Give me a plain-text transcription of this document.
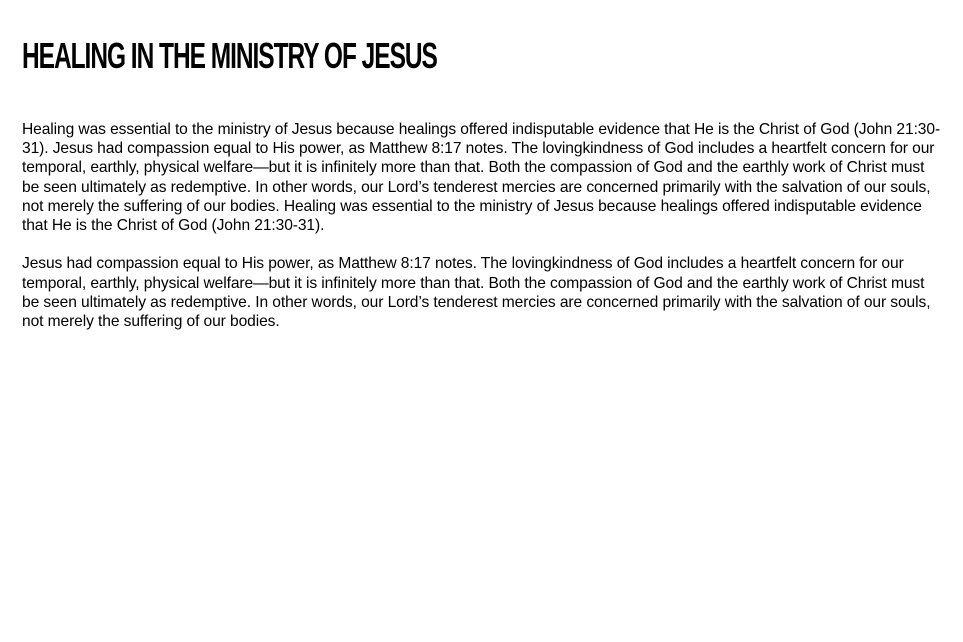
HEALING IN THE MINISTRY OF JESUS

Healing was essential to the ministry of Jesus because healings offered indisputable evidence that He is the Christ of God (John 21:30-31). Jesus had compassion equal to His power, as Matthew 8:17 notes. The lovingkindness of God includes a heartfelt concern for our temporal, earthly, physical welfare—but it is infinitely more than that. Both the compassion of God and the earthly work of Christ must be seen ultimately as redemptive. In other words, our Lord’s tenderest mercies are concerned primarily with the salvation of our souls, not merely the suffering of our bodies. Healing was essential to the ministry of Jesus because healings offered indisputable evidence that He is the Christ of God (John 21:30-31).

Jesus had compassion equal to His power, as Matthew 8:17 notes. The lovingkindness of God includes a heartfelt concern for our temporal, earthly, physical welfare—but it is infinitely more than that. Both the compassion of God and the earthly work of Christ must be seen ultimately as redemptive. In other words, our Lord’s tenderest mercies are concerned primarily with the salvation of our souls, not merely the suffering of our bodies.
